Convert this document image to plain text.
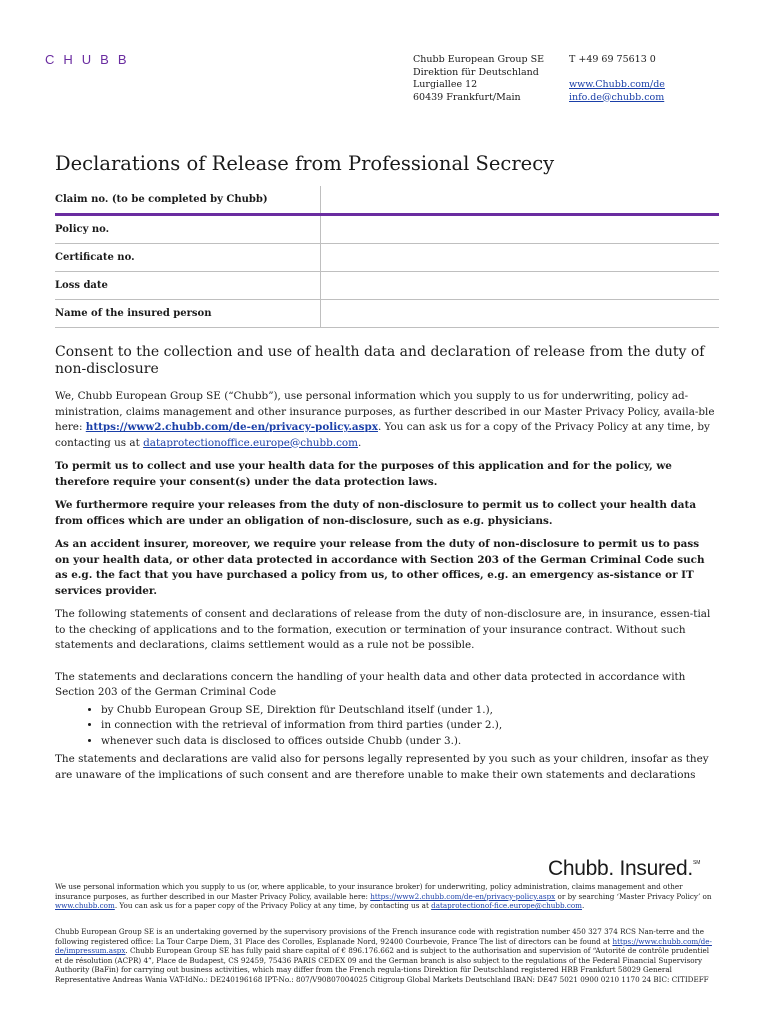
CHUBB	Chubb European Group SE
Direktion für Deutschland
Lurgiallee 12
60439 Frankfurt/Main
T +49 69 75613 0
www.Chubb.com/de
info.de@chubb.com
Declarations of Release from Professional Secrecy
Claim no. (to be completed by Chubb)
Policy no.
Certificate no.
Loss date
Name of the insured person
Consent to the collection and use of health data and declaration of release from the duty of non-disclosure

We, Chubb European Group SE (“Chubb”), use personal information which you supply to us for underwriting, policy ad-ministration, claims management and other insurance purposes, as further described in our Master Privacy Policy, availa-ble here: https://www2.chubb.com/de-en/privacy-policy.aspx. You can ask us for a copy of the Privacy Policy at any time, by contacting us at dataprotectionoffice.europe@chubb.com.

To permit us to collect and use your health data for the purposes of this application and for the policy, we therefore require your consent(s) under the data protection laws.

We furthermore require your releases from the duty of non-disclosure to permit us to collect your health data from offices which are under an obligation of non-disclosure, such as e.g. physicians.

As an accident insurer, moreover, we require your release from the duty of non-disclosure to permit us to pass on your health data, or other data protected in accordance with Section 203 of the German Criminal Code such as e.g. the fact that you have purchased a policy from us, to other offices, e.g. an emergency as-sistance or IT services provider.

The following statements of consent and declarations of release from the duty of non-disclosure are, in insurance, essen-tial to the checking of applications and to the formation, execution or termination of your insurance contract. Without such statements and declarations, claims settlement would as a rule not be possible.

The statements and declarations concern the handling of your health data and other data protected in accordance with Section 203 of the German Criminal Code

• by Chubb European Group SE, Direktion für Deutschland itself (under 1.),
• in connection with the retrieval of information from third parties (under 2.),
• whenever such data is disclosed to offices outside Chubb (under 3.).

The statements and declarations are valid also for persons legally represented by you such as your children, insofar as they are unaware of the implications of such consent and are therefore unable to make their own statements and declarations

Chubb. Insured.℠
We use personal information which you supply to us (or, where applicable, to your insurance broker) for underwriting, policy administration, claims management and other insurance purposes, as further described in our Master Privacy Policy, available here: https://www2.chubb.com/de-en/privacy-policy.aspx or by searching ‘Master Privacy Policy’ on www.chubb.com. You can ask us for a paper copy of the Privacy Policy at any time, by contacting us at dataprotectionof-fice.europe@chubb.com.
Chubb European Group SE is an undertaking governed by the supervisory provisions of the French insurance code with registration number 450 327 374 RCS Nan-terre and the following registered office: La Tour Carpe Diem, 31 Place des Corolles, Esplanade Nord, 92400 Courbevoie, France The list of directors can be found at https://www.chubb.com/de-de/impressum.aspx. Chubb European Group SE has fully paid share capital of € 896.176.662 and is subject to the authorisation and supervision of “Autorité de contrôle prudentiel et de résolution (ACPR) 4”, Place de Budapest, CS 92459, 75436 PARIS CEDEX 09 and the German branch is also subject to the regulations of the Federal Financial Supervisory Authority (BaFin) for carrying out business activities, which may differ from the French regula-tions Direktion für Deutschland registered HRB Frankfurt 58029 General Representative Andreas Wania VAT-IdNo.: DE240196168 IPT-No.: 807/V90807004025 Citigroup Global Markets Deutschland IBAN: DE47 5021 0900 0210 1170 24 BIC: CITIDEFF
